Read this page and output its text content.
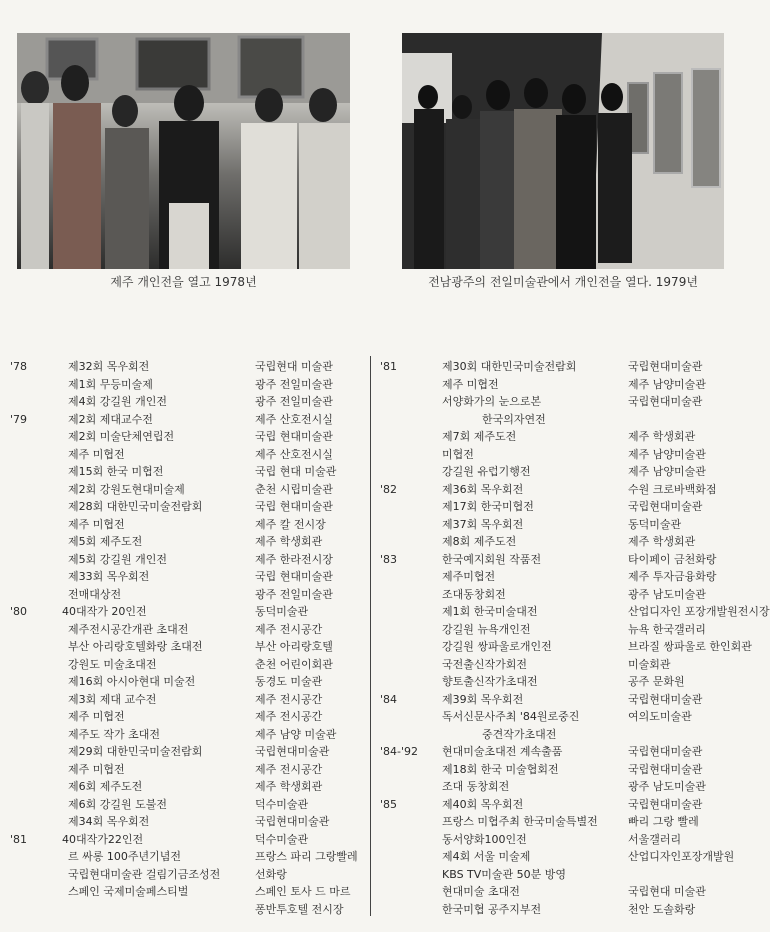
제주 개인전을 열고 1978년	전남광주의 전일미술관에서 개인전을 열다. 1979년
'78	제32회 목우회전	국립현대 미술관
제1회 무등미술제	광주 전일미술관
제4회 강길원 개인전	광주 전일미술관
'79	제2회 제대교수전	제주 산호전시실
제2회 미술단체연립전	국립 현대미술관
제주 미협전	제주 산호전시실
제15회 한국 미협전	국립 현대 미술관
제2회 강원도현대미술제	춘천 시립미술관
제28회 대한민국미술전람회	국립 현대미술관
제주 미협전	제주 칼 전시장
제5회 제주도전	제주 학생회관
제5회 강길원 개인전	제주 한라전시장
제33회 목우회전	국립 현대미술관
전매대상전	광주 전일미술관
'80	40대작가 20인전	동덕미술관
제주전시공간개관 초대전	제주 전시공간
부산 아리랑호텔화랑 초대전	부산 아리랑호텔
강원도 미술초대전	춘천 어린이회관
제16회 아시아현대 미술전	동경도 미술관
제3회 제대 교수전	제주 전시공간
제주 미협전	제주 전시공간
제주도 작가 초대전	제주 남양 미술관
제29회 대한민국미술전람회	국립현대미술관
제주 미협전	제주 전시공간
제6회 제주도전	제주 학생회관
제6회 강길원 도불전	덕수미술관
제34회 목우회전	국립현대미술관
'81	40대작가22인전	덕수미술관
르 싸롱 100주년기념전	프랑스 파리 그랑빨레
국립현대미술관 걸림기금조성전	선화랑
스페인 국제미술페스티벌	스페인 토사 드 마르
퐁반투호텔 전시장
'81	제30회 대한민국미술전람회	국립현대미술관
제주 미협전	제주 남양미술관
서양화가의 눈으로본	국립현대미술관
한국의자연전
제7회 제주도전	제주 학생회관
미협전	제주 남양미술관
강길원 유럽기행전	제주 남양미술관
'82	제36회 목우회전	수원 크로바백화점
제17회 한국미협전	국립현대미술관
제37회 목우회전	동덕미술관
제8회 제주도전	제주 학생회관
'83	한국예지회원 작품전	타이페이 금천화랑
제주미협전	제주 투자금융화랑
조대동창회전	광주 남도미술관
제1회 한국미술대전	산업디자인 포장개발원전시장
강길원 뉴욕개인전	뉴욕 한국갤러리
강길원 쌍파울로개인전	브라질 쌍파울로 한인회관
국전출신작가회전	미술회관
향토출신작가초대전	공주 문화원
'84	제39회 목우회전	국립현대미술관
독서신문사주최 '84원로중진	여의도미술관
중견작가초대전
'84-'92 현대미술초대전 계속출품	국립현대미술관
제18회 한국 미술협회전	국립현대미술관
조대 동창회전	광주 남도미술관
'85	제40회 목우회전	국립현대미술관
프랑스 미협주최 한국미술특별전	빠리 그랑 빨레
동서양화100인전	서울갤러리
제4회 서울 미술제	산업디자인포장개발원
KBS TV미술관 50분 방영
현대미술 초대전	국립현대 미술관
한국미협 공주지부전	천안 도솔화랑
